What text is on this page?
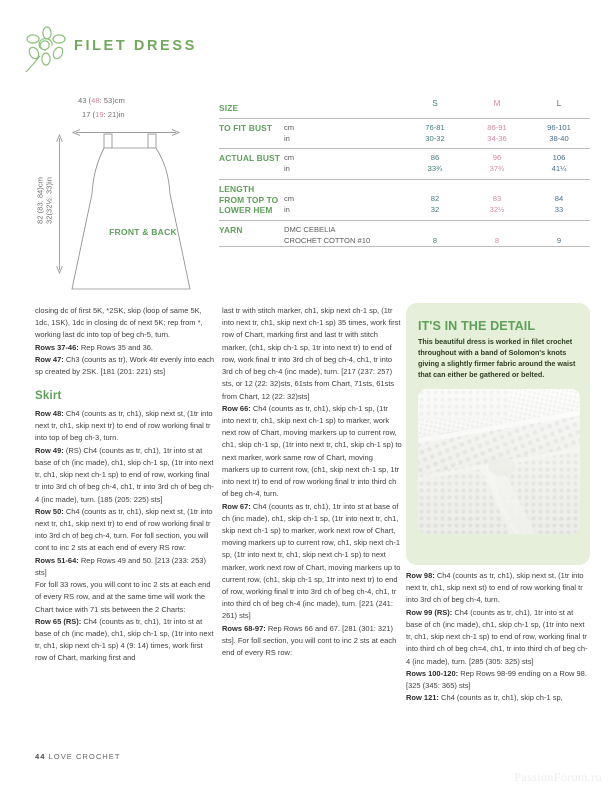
FILET DRESS
43 (48: 53)cm
17 (19: 21)in
82 (83: 84)cm 32(32½: 33)in
FRONT & BACK
SIZE		S	M	L
TO FIT BUST	cm	76-81	86-91	96-101
	in	30-32	34-36	38-40
ACTUAL BUST	cm	86	96	106
	in	33¾	37¾	41¼

LENGTH
FROM TOP TO LOWER HEM	cm	82	83	84
	in	32	32½	33
YARN	DMC CEBELIA			
	CROCHET COTTON #10	8	8	9

closing dc of first 5K, *2SK, skip (loop of same 5K, 1dc, 1SK), 1dc in closing dc of next 5K; rep from *, working last dc into top of beg ch-5, turn.

Rows 37-46: Rep Rows 35 and 36.

Row 47: Ch3 (counts as tr), Work 4tr evenly into each sp created by 2SK. [181 (201: 221) sts]

Skirt

Row 48: Ch4 (counts as tr, ch1), skip next st, (1tr into next tr, ch1, skip next tr) to end of row working final tr into top of beg ch-3, turn.

Row 49: (RS) Ch4 (counts as tr, ch1), 1tr into st at base of ch (inc made), ch1, skip ch-1 sp, (1tr into next tr, ch1, skip next ch-1 sp) to end of row, working final tr into 3rd ch of beg ch-4, ch1, tr into 3rd ch of beg ch-4 (inc made), turn. [185 (205: 225) sts]

Row 50: Ch4 (counts as tr, ch1), skip next st, (1tr into next tr, ch1, skip next tr) to end of row working final tr into 3rd ch of beg ch-4, turn. For foll section, you will cont to inc 2 sts at each end of every RS row:

Rows 51-64: Rep Rows 49 and 50. [213 (233: 253) sts]

For foll 33 rows, you will cont to inc 2 sts at each end of every RS row, and at the same time will work the Chart twice with 71 sts between the 2 Charts:

Row 65 (RS): Ch4 (counts as tr, ch1), 1tr into st at base of ch (inc made), ch1, skip ch-1 sp, (1tr into next tr, ch1, skip next ch-1 sp) 4 (9: 14) times, work first row of Chart, marking first and

last tr with stitch marker, ch1, skip next ch-1 sp, (1tr into next tr, ch1, skip next ch-1 sp) 35 times, work first row of Chart, marking first and last tr with stitch marker, (ch1, skip ch-1 sp, 1tr into next tr) to end of row, work final tr into 3rd ch of beg ch-4, ch1, tr into 3rd ch of beg ch-4 (inc made), turn. [217 (237: 257) sts, or 12 (22: 32)sts, 61sts from Chart, 71sts, 61sts from Chart, 12 (22: 32)sts]

Row 66: Ch4 (counts as tr, ch1), skip ch-1 sp, (1tr into next tr, ch1, skip next ch-1 sp) to marker, work next row of Chart, moving markers up to current row, ch1, skip ch-1 sp, (1tr into next tr, ch1, skip ch-1 sp) to next marker, work same row of Chart, moving markers up to current row, (ch1, skip next ch-1 sp, 1tr into next tr) to end of row working final tr into third ch of beg ch-4, turn.

Row 67: Ch4 (counts as tr, ch1), 1tr into st at base of ch (inc made), ch1, skip ch-1 sp, (1tr into next tr, ch1, skip next ch-1 sp) to marker, work next row of Chart, moving markers up to current row, ch1, skip next ch-1 sp, (1tr into next tr, ch1, skip next ch-1 sp) to next marker, work next row of Chart, moving markers up to current row, (ch1, skip ch-1 sp, 1tr into next tr) to end of row, working final tr into 3rd ch of beg ch-4, ch1, tr into third ch of beg ch-4 (inc made), turn. [221 (241: 261) sts]

Rows 68-97: Rep Rows 66 and 67. [281 (301: 321) sts]. For foll section, you will cont to inc 2 sts at each end of every RS row:

IT'S IN THE DETAIL
This beautiful dress is worked in filet crochet throughout with a band of Solomon's knots giving a slightly firmer fabric around the waist that can either be gathered or belted.

Row 98: Ch4 (counts as tr, ch1), skip next st, (1tr into next tr, ch1, skip next st) to end of row working final tr into 3rd ch of beg ch-4, turn.

Row 99 (RS): Ch4 (counts as tr, ch1), 1tr into st at base of ch (inc made), ch1, skip ch-1 sp, (1tr into next tr, ch1, skip next ch-1 sp) to end of row, working final tr into third ch of beg ch=4, ch1, tr into third ch of beg ch-4 (inc made), turn. [285 (305: 325) sts]

Rows 100-120: Rep Rows 98-99 ending on a Row 98. [325 (345: 365) sts]

Row 121: Ch4 (counts as tr, ch1), skip ch-1 sp,

44 LOVE CROCHET
PassionForum.ru
